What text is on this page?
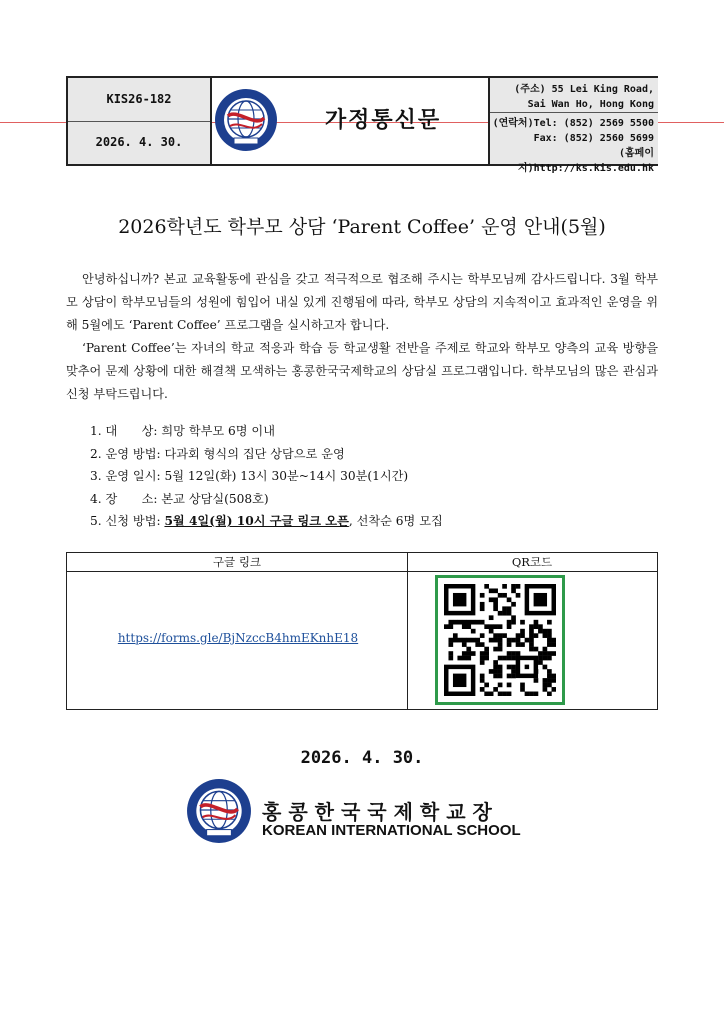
KIS26-182
2026. 4. 30.
가정통신문
(주소) 55 Lei King Road,
Sai Wan Ho, Hong Kong
(연락처)Tel: (852) 2569 5500
Fax: (852) 2560 5699
(홈페이지)http://ks.kis.edu.hk
2026학년도 학부모 상담 ‘Parent Coffee’ 운영 안내(5월)

안녕하십니까? 본교 교육활동에 관심을 갖고 적극적으로 협조해 주시는 학부모님께 감사드립니다. 3월 학부모 상담이 학부모님들의 성원에 힘입어 내실 있게 진행됨에 따라, 학부모 상담의 지속적이고 효과적인 운영을 위해 5월에도 ‘Parent Coffee’ 프로그램을 실시하고자 합니다.

‘Parent Coffee’는 자녀의 학교 적응과 학습 등 학교생활 전반을 주제로 학교와 학부모 양측의 교육 방향을 맞추어 문제 상황에 대한 해결책 모색하는 홍콩한국국제학교의 상담실 프로그램입니다. 학부모님의 많은 관심과 신청 부탁드립니다.

1. 대　　상: 희망 학부모 6명 이내
2. 운영 방법: 다과회 형식의 집단 상담으로 운영
3. 운영 일시: 5월 12일(화) 13시 30분~14시 30분(1시간)
4. 장　　소: 본교 상담실(508호)
5. 신청 방법: 5월 4일(월) 10시 구글 링크 오픈, 선착순 6명 모집
구글 링크	QR코드
https://forms.gle/BjNzccB4hmEKnhE18
2026. 4. 30.
홍콩한국국제학교장
KOREAN INTERNATIONAL SCHOOL
